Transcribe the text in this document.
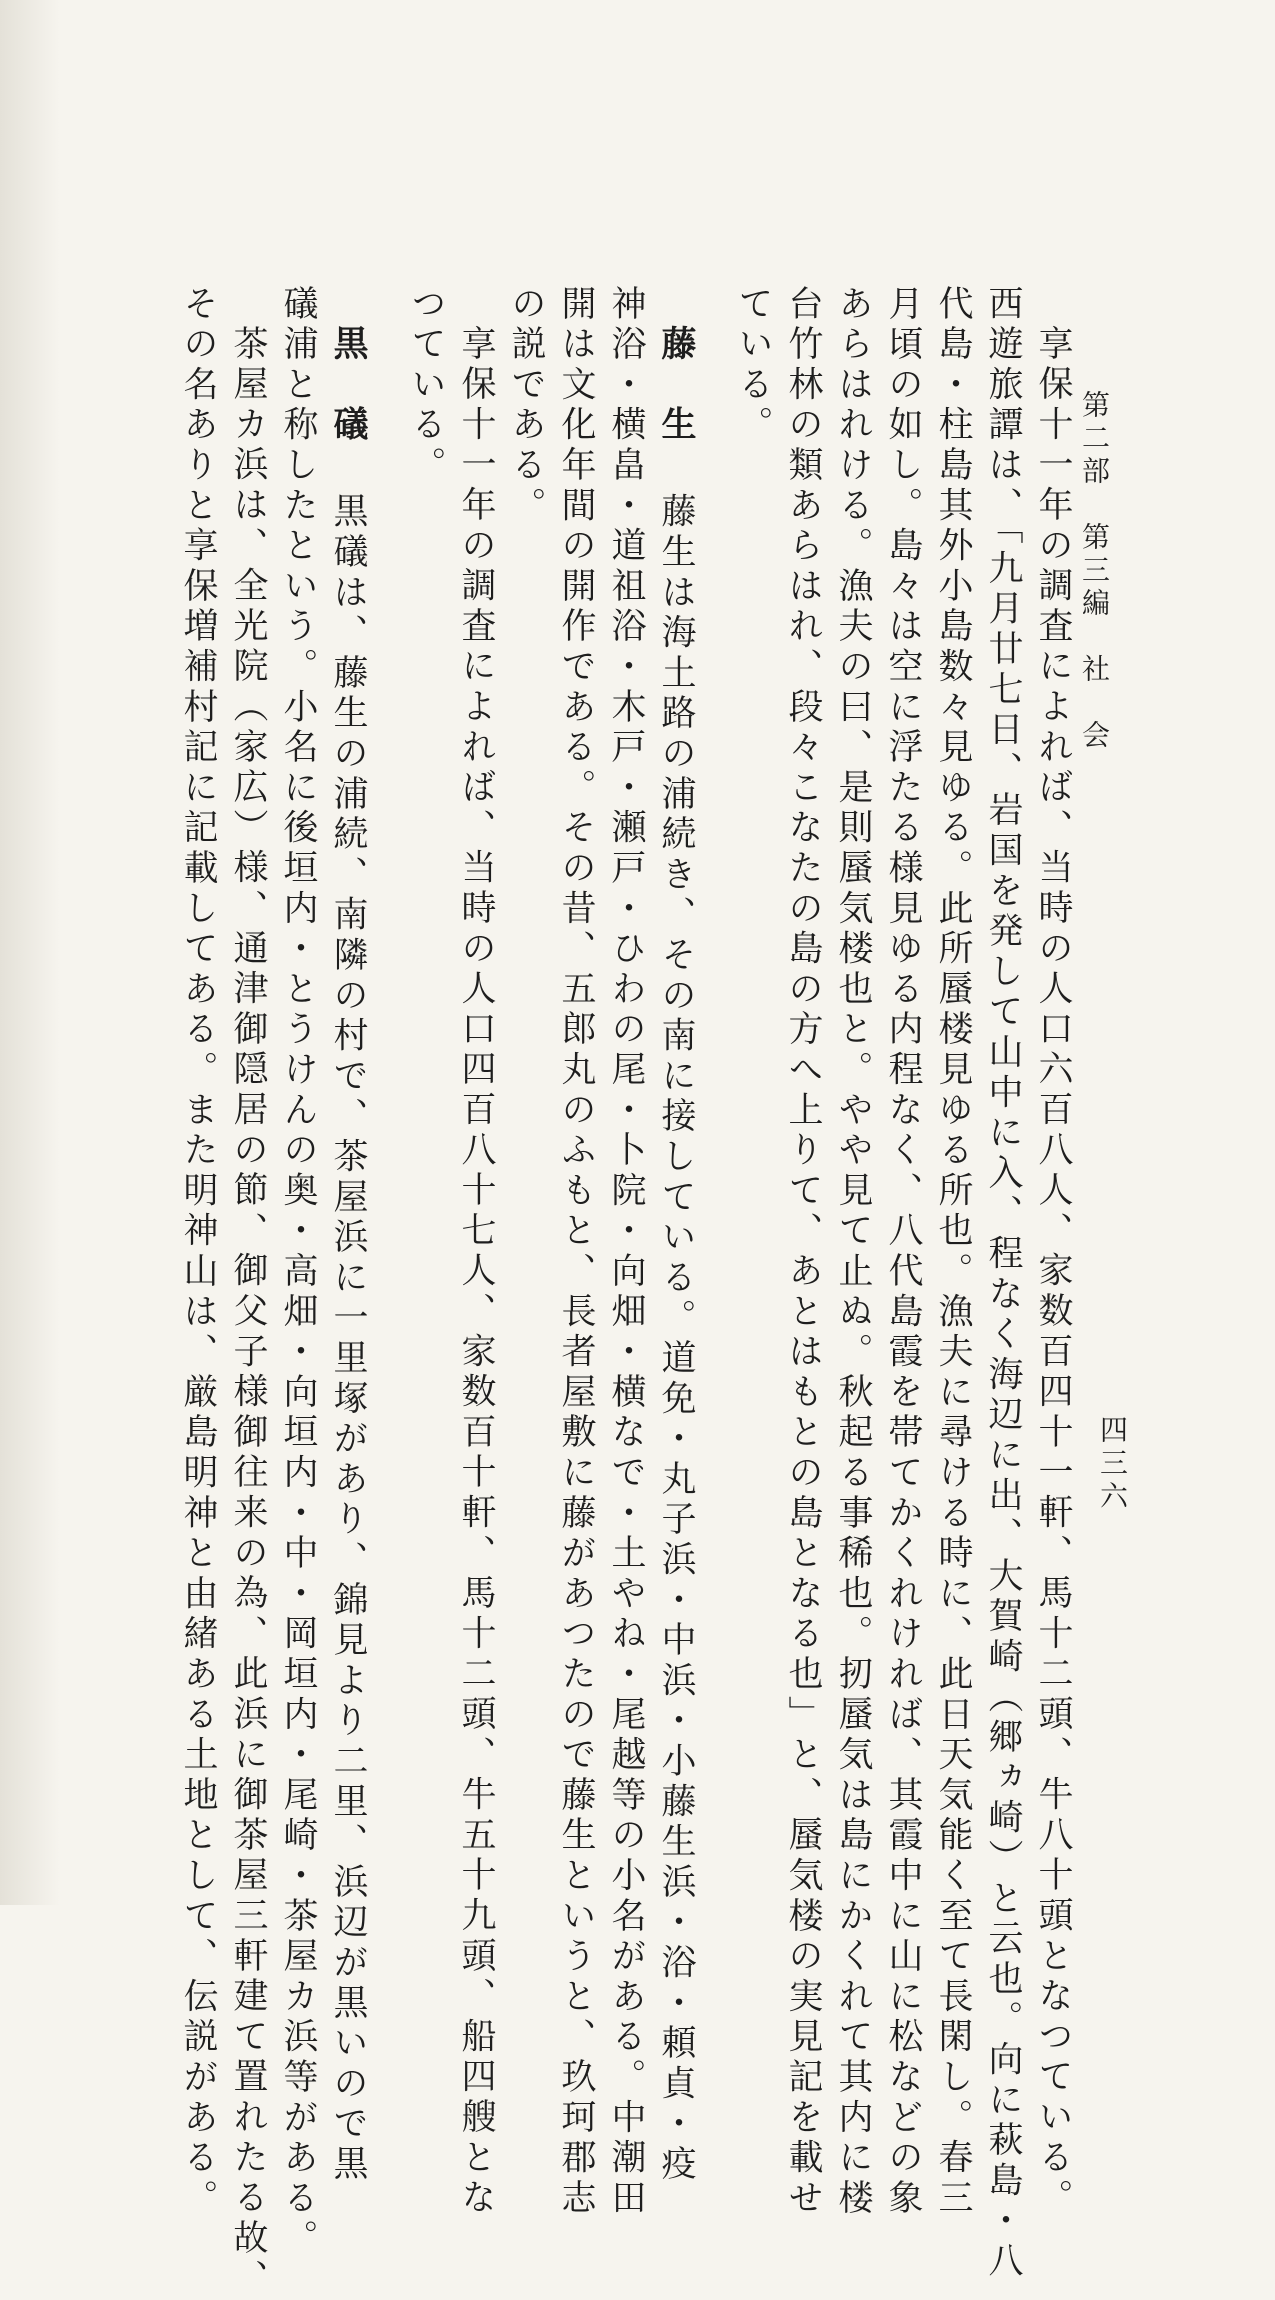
第二部　第三編　社　会
四三六
享保十一年の調査によれば、当時の人口六百八人、家数百四十一軒、馬十二頭、牛八十頭となつている。
西遊旅譚は、「九月廿七日、岩国を発して山中に入、程なく海辺に出、大賀崎（郷ヵ崎）と云也。向に萩島・八
代島・柱島其外小島数々見ゆる。此所蜃楼見ゆる所也。漁夫に尋ける時に、此日天気能く至て長閑し。春三
月頃の如し。島々は空に浮たる様見ゆる内程なく、八代島霞を帯てかくれければ、其霞中に山に松などの象
あらはれける。漁夫の曰、是則蜃気楼也と。やや見て止ぬ。秋起る事稀也。扨蜃気は島にかくれて其内に楼
台竹林の類あらはれ、段々こなたの島の方へ上りて、あとはもとの島となる也」と、蜃気楼の実見記を載せ
ている。
藤　生藤生は海土路の浦続き、その南に接している。道免・丸子浜・中浜・小藤生浜・浴・頼貞・疫
神浴・横畠・道祖浴・木戸・瀬戸・ひわの尾・卜院・向畑・横なで・土やね・尾越等の小名がある。中潮田
開は文化年間の開作である。その昔、五郎丸のふもと、長者屋敷に藤があつたので藤生というと、玖珂郡志
の説である。
享保十一年の調査によれば、当時の人口四百八十七人、家数百十軒、馬十二頭、牛五十九頭、船四艘とな
つている。
黒　礒黒礒は、藤生の浦続、南隣の村で、茶屋浜に一里塚があり、錦見より二里、浜辺が黒いので黒
礒浦と称したという。小名に後垣内・とうけんの奥・高畑・向垣内・中・岡垣内・尾崎・茶屋カ浜等がある。
茶屋カ浜は、全光院（家広）様、通津御隠居の節、御父子様御往来の為、此浜に御茶屋三軒建て置れたる故、
その名ありと享保増補村記に記載してある。また明神山は、厳島明神と由緒ある土地として、伝説がある。
